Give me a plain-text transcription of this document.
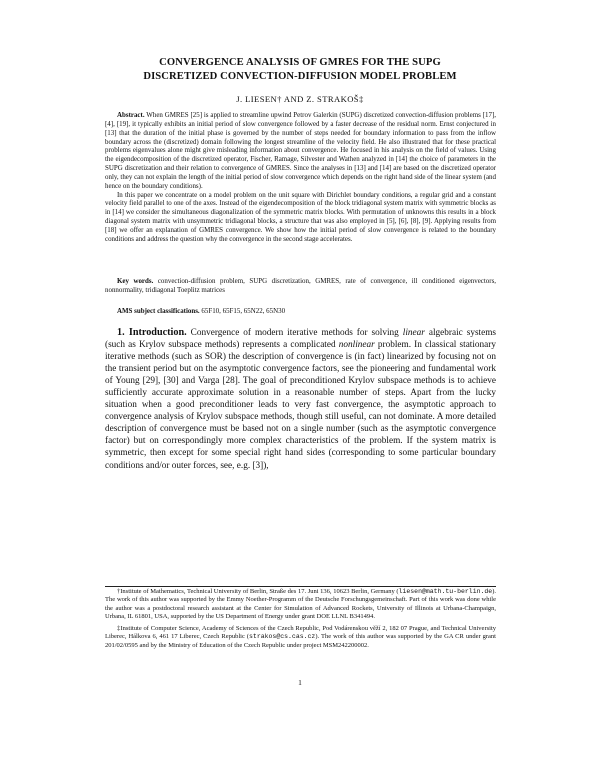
CONVERGENCE ANALYSIS OF GMRES FOR THE SUPG
DISCRETIZED CONVECTION-DIFFUSION MODEL PROBLEM
J. LIESEN† AND Z. STRAKOŠ‡

Abstract. When GMRES [25] is applied to streamline upwind Petrov Galerkin (SUPG) discretized convection-diffusion problems [17], [4], [19], it typically exhibits an initial period of slow convergence followed by a faster decrease of the residual norm. Ernst conjectured in [13] that the duration of the initial phase is governed by the number of steps needed for boundary information to pass from the inflow boundary across the (discretized) domain following the longest streamline of the velocity field. He also illustrated that for these practical problems eigenvalues alone might give misleading information about convergence. He focused in his analysis on the field of values. Using the eigendecomposition of the discretized operator, Fischer, Ramage, Silvester and Wathen analyzed in [14] the choice of parameters in the SUPG discretization and their relation to convergence of GMRES. Since the analyses in [13] and [14] are based on the discretized operator only, they can not explain the length of the initial period of slow convergence which depends on the right hand side of the linear system (and hence on the boundary conditions).

In this paper we concentrate on a model problem on the unit square with Dirichlet boundary conditions, a regular grid and a constant velocity field parallel to one of the axes. Instead of the eigendecomposition of the block tridiagonal system matrix with symmetric blocks as in [14] we consider the simultaneous diagonalization of the symmetric matrix blocks. With permutation of unknowns this results in a block diagonal system matrix with unsymmetric tridiagonal blocks, a structure that was also employed in [5], [6], [8], [9]. Applying results from [18] we offer an explanation of GMRES convergence. We show how the initial period of slow convergence is related to the boundary conditions and address the question why the convergence in the second stage accelerates.

Key words. convection-diffusion problem, SUPG discretization, GMRES, rate of convergence, ill conditioned eigenvectors, nonnormality, tridiagonal Toeplitz matrices

AMS subject classifications. 65F10, 65F15, 65N22, 65N30

1. Introduction. Convergence of modern iterative methods for solving linear algebraic systems (such as Krylov subspace methods) represents a complicated nonlinear problem. In classical stationary iterative methods (such as SOR) the description of convergence is (in fact) linearized by focusing not on the transient period but on the asymptotic convergence factors, see the pioneering and fundamental work of Young [29], [30] and Varga [28]. The goal of preconditioned Krylov subspace methods is to achieve sufficiently accurate approximate solution in a reasonable number of steps. Apart from the lucky situation when a good preconditioner leads to very fast convergence, the asymptotic approach to convergence analysis of Krylov subspace methods, though still useful, can not dominate. A more detailed description of convergence must be based not on a single number (such as the asymptotic convergence factor) but on correspondingly more complex characteristics of the problem. If the system matrix is symmetric, then except for some special right hand sides (corresponding to some particular boundary conditions and/or outer forces, see, e.g. [3]),

†Institute of Mathematics, Technical University of Berlin, Straße des 17. Juni 136, 10623 Berlin, Germany (liesen@math.tu-berlin.de). The work of this author was supported by the Emmy Noether-Programm of the Deutsche Forschungsgemeinschaft. Part of this work was done while the author was a postdoctoral research assistant at the Center for Simulation of Advanced Rockets, University of Illinois at Urbana-Champaign, Urbana, IL 61801, USA, supported by the US Department of Energy under grant DOE LLNL B341494.

‡Institute of Computer Science, Academy of Sciences of the Czech Republic, Pod Vodárenskou věží 2, 182 07 Prague, and Technical University Liberec, Hálkova 6, 461 17 Liberec, Czech Republic (strakos@cs.cas.cz). The work of this author was supported by the GA CR under grant 201/02/0595 and by the Ministry of Education of the Czech Republic under project MSM242200002.

1
